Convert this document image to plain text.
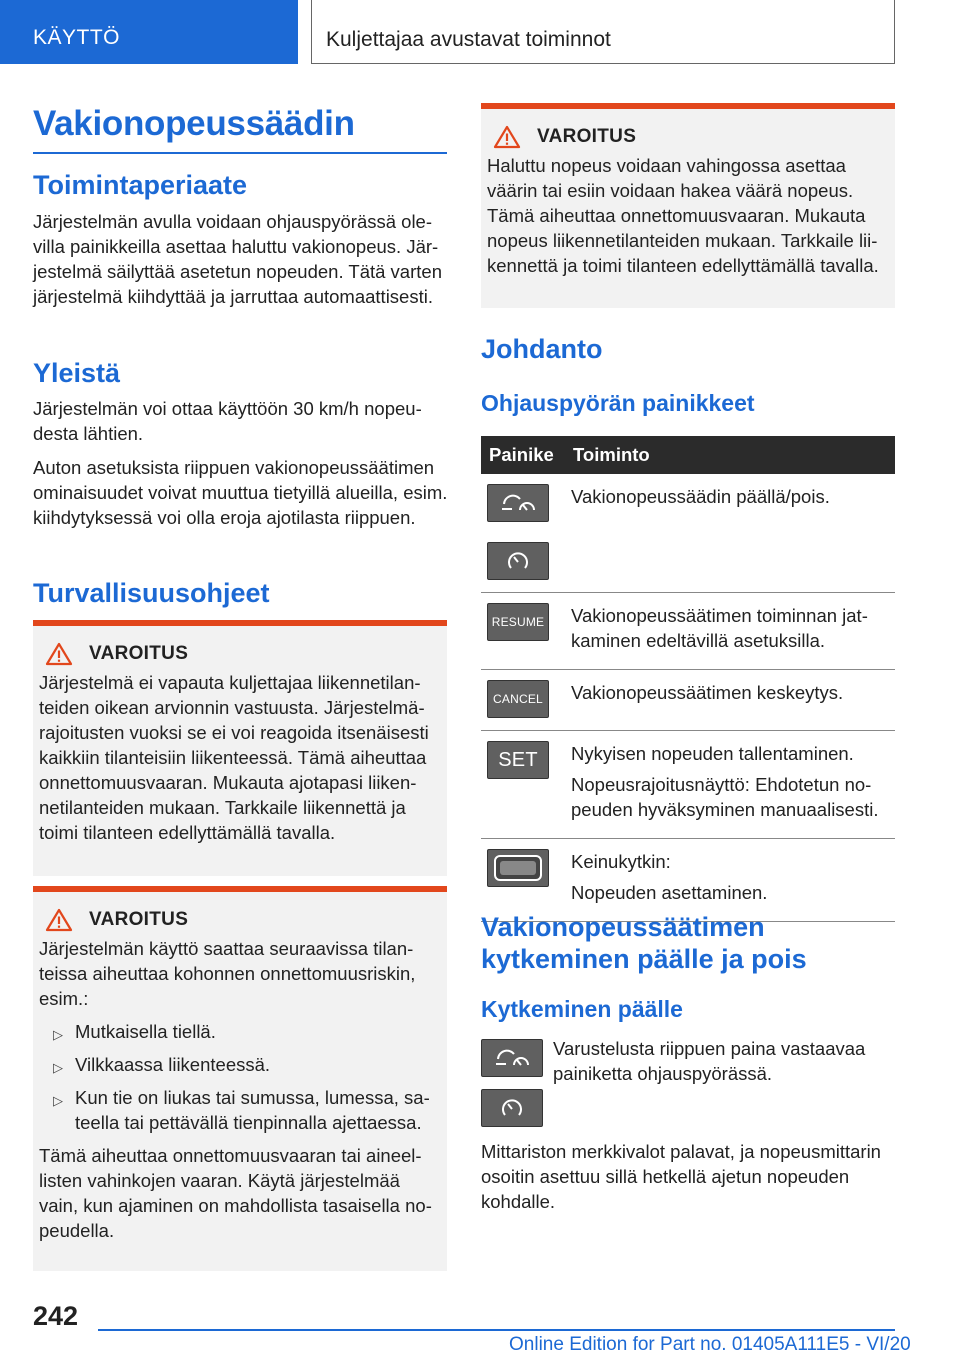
KÄYTTÖ	Kuljettajaa avustavat toiminnot
Vakionopeussäädin
Toimintaperiaate
Järjestelmän avulla voidaan ohjauspyörässä olevilla painikkeilla asettaa haluttu vakionopeus. Järjestelmä säilyttää asetetun nopeuden. Tätä varten järjestelmä kiihdyttää ja jarruttaa automaattisesti.
Yleistä
Järjestelmän voi ottaa käyttöön 30 km/h nopeudesta lähtien.
Auton asetuksista riippuen vakionopeussäätimen ominaisuudet voivat muuttua tietyillä alueilla, esim. kiihdytyksessä voi olla eroja ajotilasta riippuen.
Turvallisuusohjeet
VAROITUS
Järjestelmä ei vapauta kuljettajaa liikennetilanteiden oikean arvionnin vastuusta. Järjestelmärajoitusten vuoksi se ei voi reagoida itsenäisesti kaikkiin tilanteisiin liikenteessä. Tämä aiheuttaa onnettomuusvaaran. Mukauta ajotapasi liikennetilanteiden mukaan. Tarkkaile liikennettä ja toimi tilanteen edellyttämällä tavalla.
VAROITUS

Järjestelmän käyttö saattaa seuraavissa tilanteissa aiheuttaa kohonnen onnettomuusriskin, esim.:

▷ Mutkaisella tiellä.
▷ Vilkkaassa liikenteessä.
▷ Kun tie on liukas tai sumussa, lumessa, sateella tai pettävällä tienpinnalla ajettaessa.

Tämä aiheuttaa onnettomuusvaaran tai aineellisten vahinkojen vaaran. Käytä järjestelmää vain, kun ajaminen on mahdollista tasaisella nopeudella.

VAROITUS
Haluttu nopeus voidaan vahingossa asettaa väärin tai esiin voidaan hakea väärä nopeus. Tämä aiheuttaa onnettomuusvaaran. Mukauta nopeus liikennetilanteiden mukaan. Tarkkaile liikennettä ja toimi tilanteen edellyttämällä tavalla.
Johdanto
Ohjauspyörän painikkeet
Painike	Toiminto

Vakionopeussäädin päällä/pois.

RESUME	Vakionopeussäätimen toiminnan jatkaminen edeltävillä asetuksilla.

CANCEL	Vakionopeussäätimen keskeytys.

SET	Nykyisen nopeuden tallentaminen.

Nopeusrajoitusnäyttö: Ehdotetun nopeuden hyväksyminen manuaalisesti.

Keinukytkin:

Nopeuden asettaminen.

Vakionopeussäätimen kytkeminen päälle ja pois
Kytkeminen päälle
Varustelusta riippuen paina vastaavaa painiketta ohjauspyörässä.
Mittariston merkkivalot palavat, ja nopeusmittarin osoitin asettuu sillä hetkellä ajetun nopeuden kohdalle.
242
Online Edition for Part no. 01405A111E5 - VI/20
